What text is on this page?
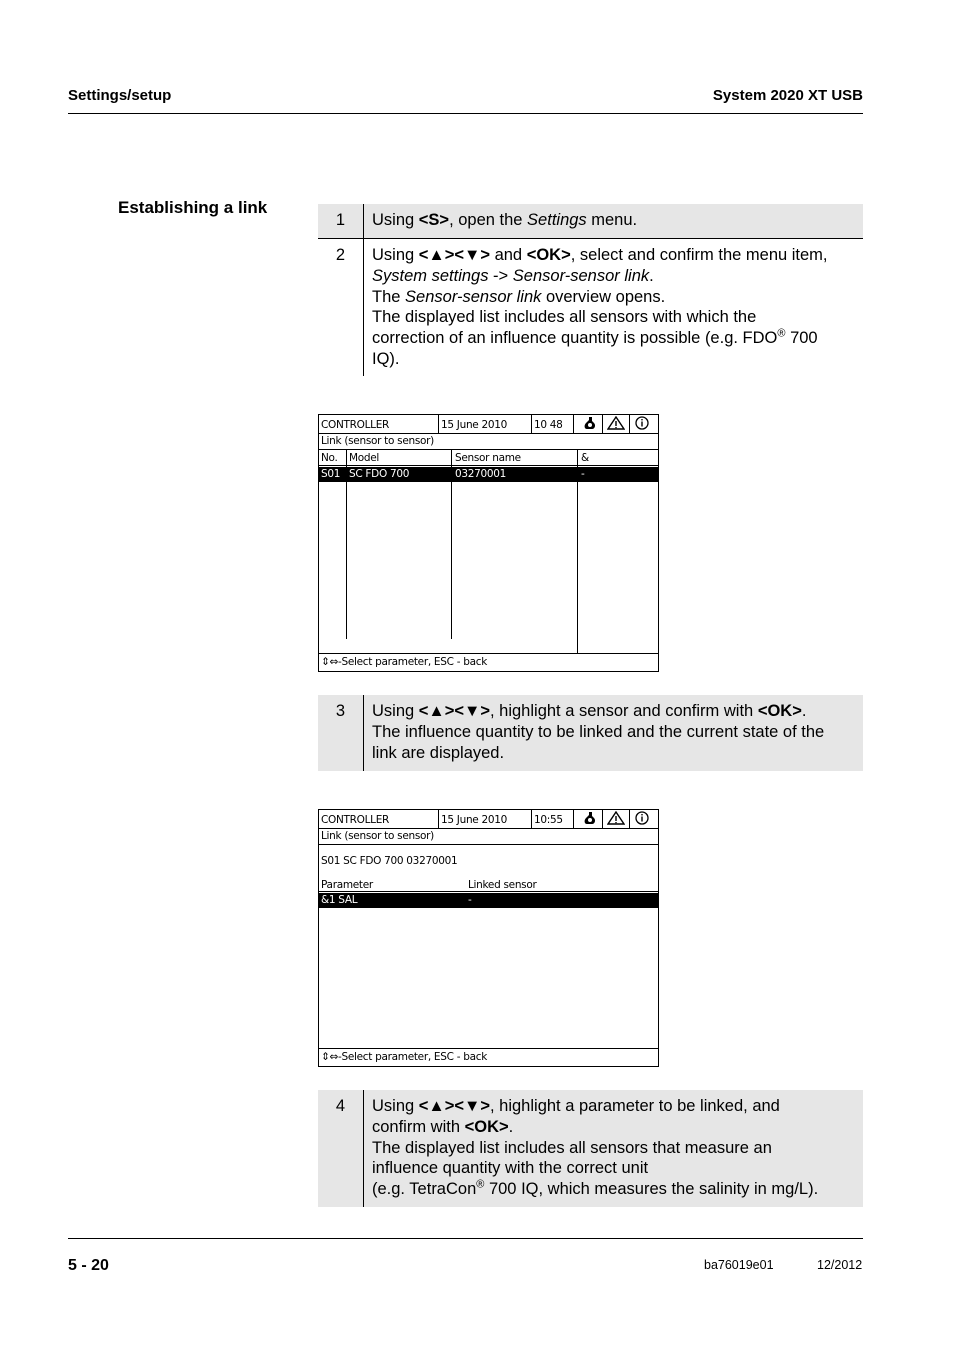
Settings/setup	System 2020 XT USB
Establishing a link
1	Using <S>, open the Settings menu.
2	Using <▲><▼> and <OK>, select and confirm the menu item,
System settings -> Sensor-sensor link.
The Sensor-sensor link overview opens.
The displayed list includes all sensors with which the
correction of an influence quantity is possible (e.g. FDO® 700
IQ).
CONTROLLER	15 June 2010	10 48
Link (sensor to sensor)
No. Model	Sensor name	&
S01 SC FDO 700	03270001	-
⇕⇔-Select parameter, ESC - back
3	Using <▲><▼>, highlight a sensor and confirm with <OK>.
The influence quantity to be linked and the current state of the
link are displayed.
CONTROLLER	15 June 2010	10:55
Link (sensor to sensor)
S01 SC FDO 700 03270001
Parameter	Linked sensor
&1 SAL	-
⇕⇔-Select parameter, ESC - back
4	Using <▲><▼>, highlight a parameter to be linked, and
confirm with <OK>.
The displayed list includes all sensors that measure an
influence quantity with the correct unit
(e.g. TetraCon® 700 IQ, which measures the salinity in mg/L).
5 - 20	ba76019e01	12/2012
